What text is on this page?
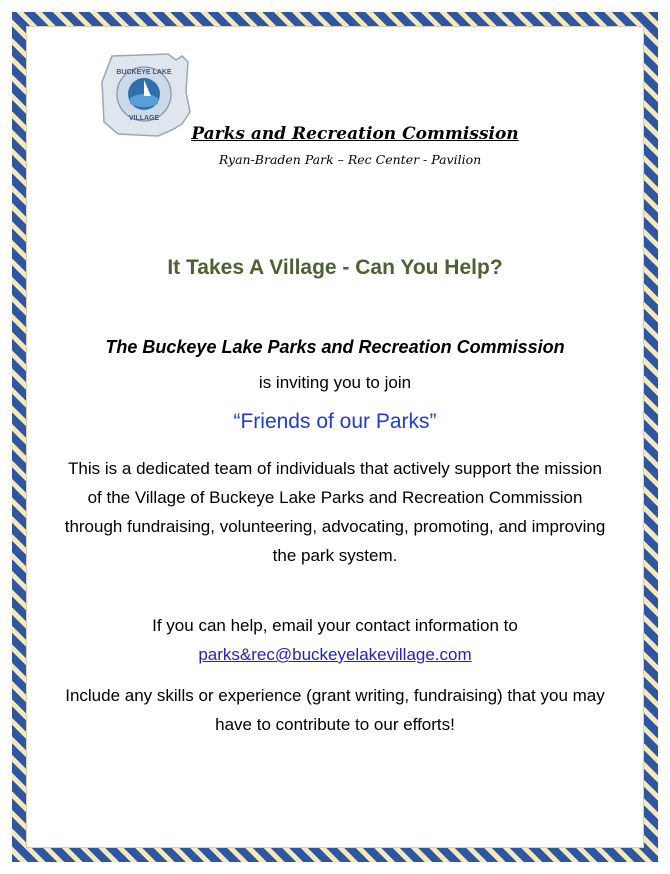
BUCKEYE LAKE
VILLAGE
Parks and Recreation Commission
Ryan-Braden Park – Rec Center - Pavilion
It Takes A Village - Can You Help?
The Buckeye Lake Parks and Recreation Commission
is inviting you to join
“Friends of our Parks”
This is a dedicated team of individuals that actively support the mission of the Village of Buckeye Lake Parks and Recreation Commission through fundraising, volunteering, advocating, promoting, and improving the park system.
If you can help, email your contact information to
parks&rec@buckeyelakevillage.com
Include any skills or experience (grant writing, fundraising) that you may have to contribute to our efforts!
